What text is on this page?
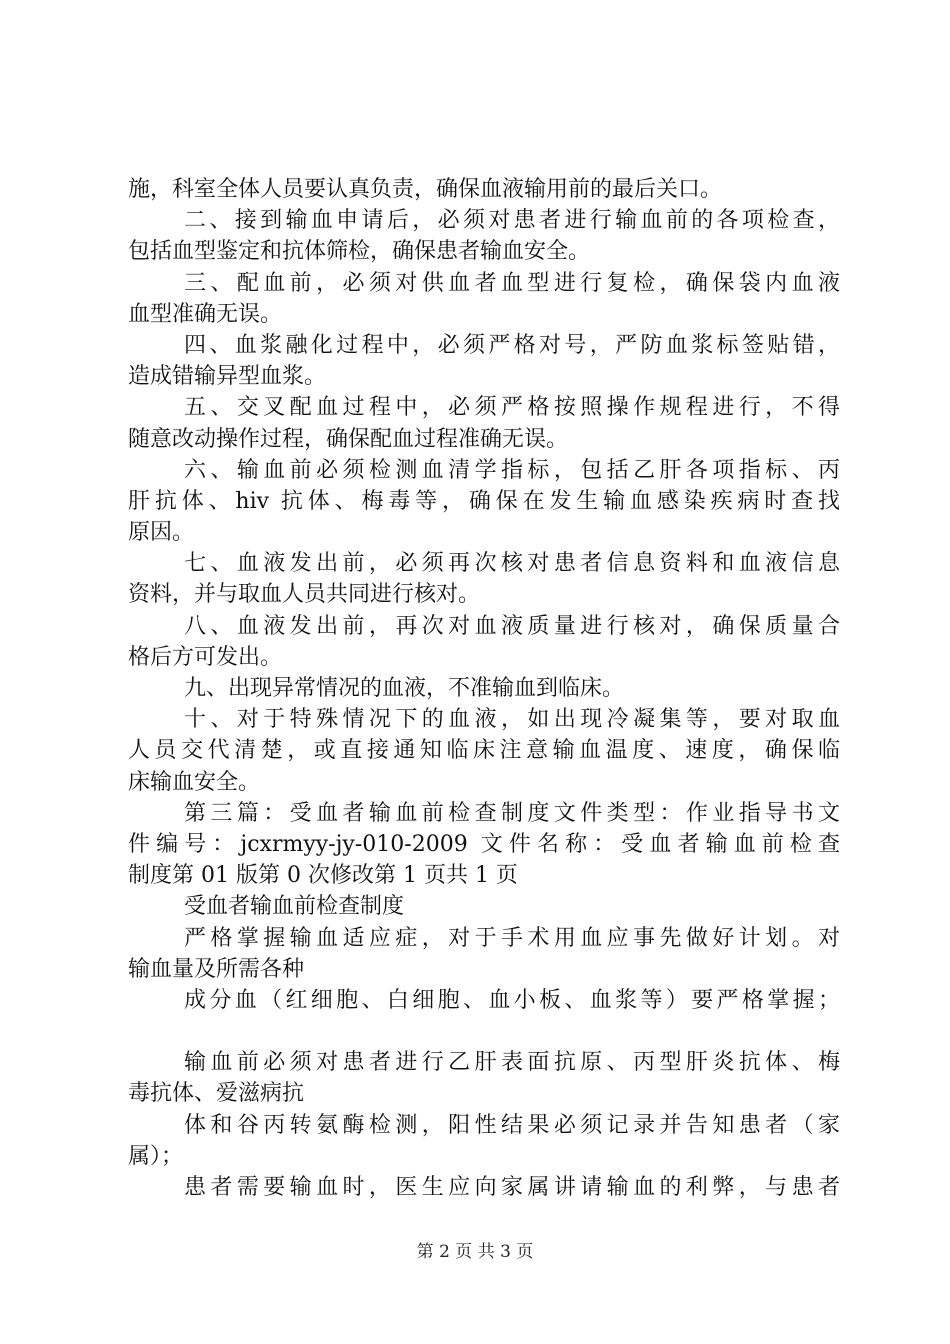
施，科室全体人员要认真负责，确保血液输用前的最后关口。
二、接到输血申请后，必须对患者进行输血前的各项检查，
包括血型鉴定和抗体筛检，确保患者输血安全。
三、配血前，必须对供血者血型进行复检，确保袋内血液
血型准确无误。
四、血浆融化过程中，必须严格对号，严防血浆标签贴错，
造成错输异型血浆。
五、交叉配血过程中，必须严格按照操作规程进行，不得
随意改动操作过程，确保配血过程准确无误。
六、输血前必须检测血清学指标，包括乙肝各项指标、丙
肝抗体、hiv 抗体、梅毒等，确保在发生输血感染疾病时查找
原因。
七、血液发出前，必须再次核对患者信息资料和血液信息
资料，并与取血人员共同进行核对。
八、血液发出前，再次对血液质量进行核对，确保质量合
格后方可发出。
九、出现异常情况的血液，不准输血到临床。
十、对于特殊情况下的血液，如出现冷凝集等，要对取血
人员交代清楚，或直接通知临床注意输血温度、速度，确保临
床输血安全。
第三篇：受血者输血前检查制度文件类型：作业指导书文
件编号：jcxrmyy-jy-010-2009 文件名称：受血者输血前检查
制度第 01 版第 0 次修改第 1 页共 1 页
受血者输血前检查制度
严格掌握输血适应症，对于手术用血应事先做好计划。对
输血量及所需各种
成分血（红细胞、白细胞、血小板、血浆等）要严格掌握；
输血前必须对患者进行乙肝表面抗原、丙型肝炎抗体、梅
毒抗体、爱滋病抗
体和谷丙转氨酶检测，阳性结果必须记录并告知患者（家
属）；
患者需要输血时，医生应向家属讲请输血的利弊，与患者
第 2 页 共 3 页
